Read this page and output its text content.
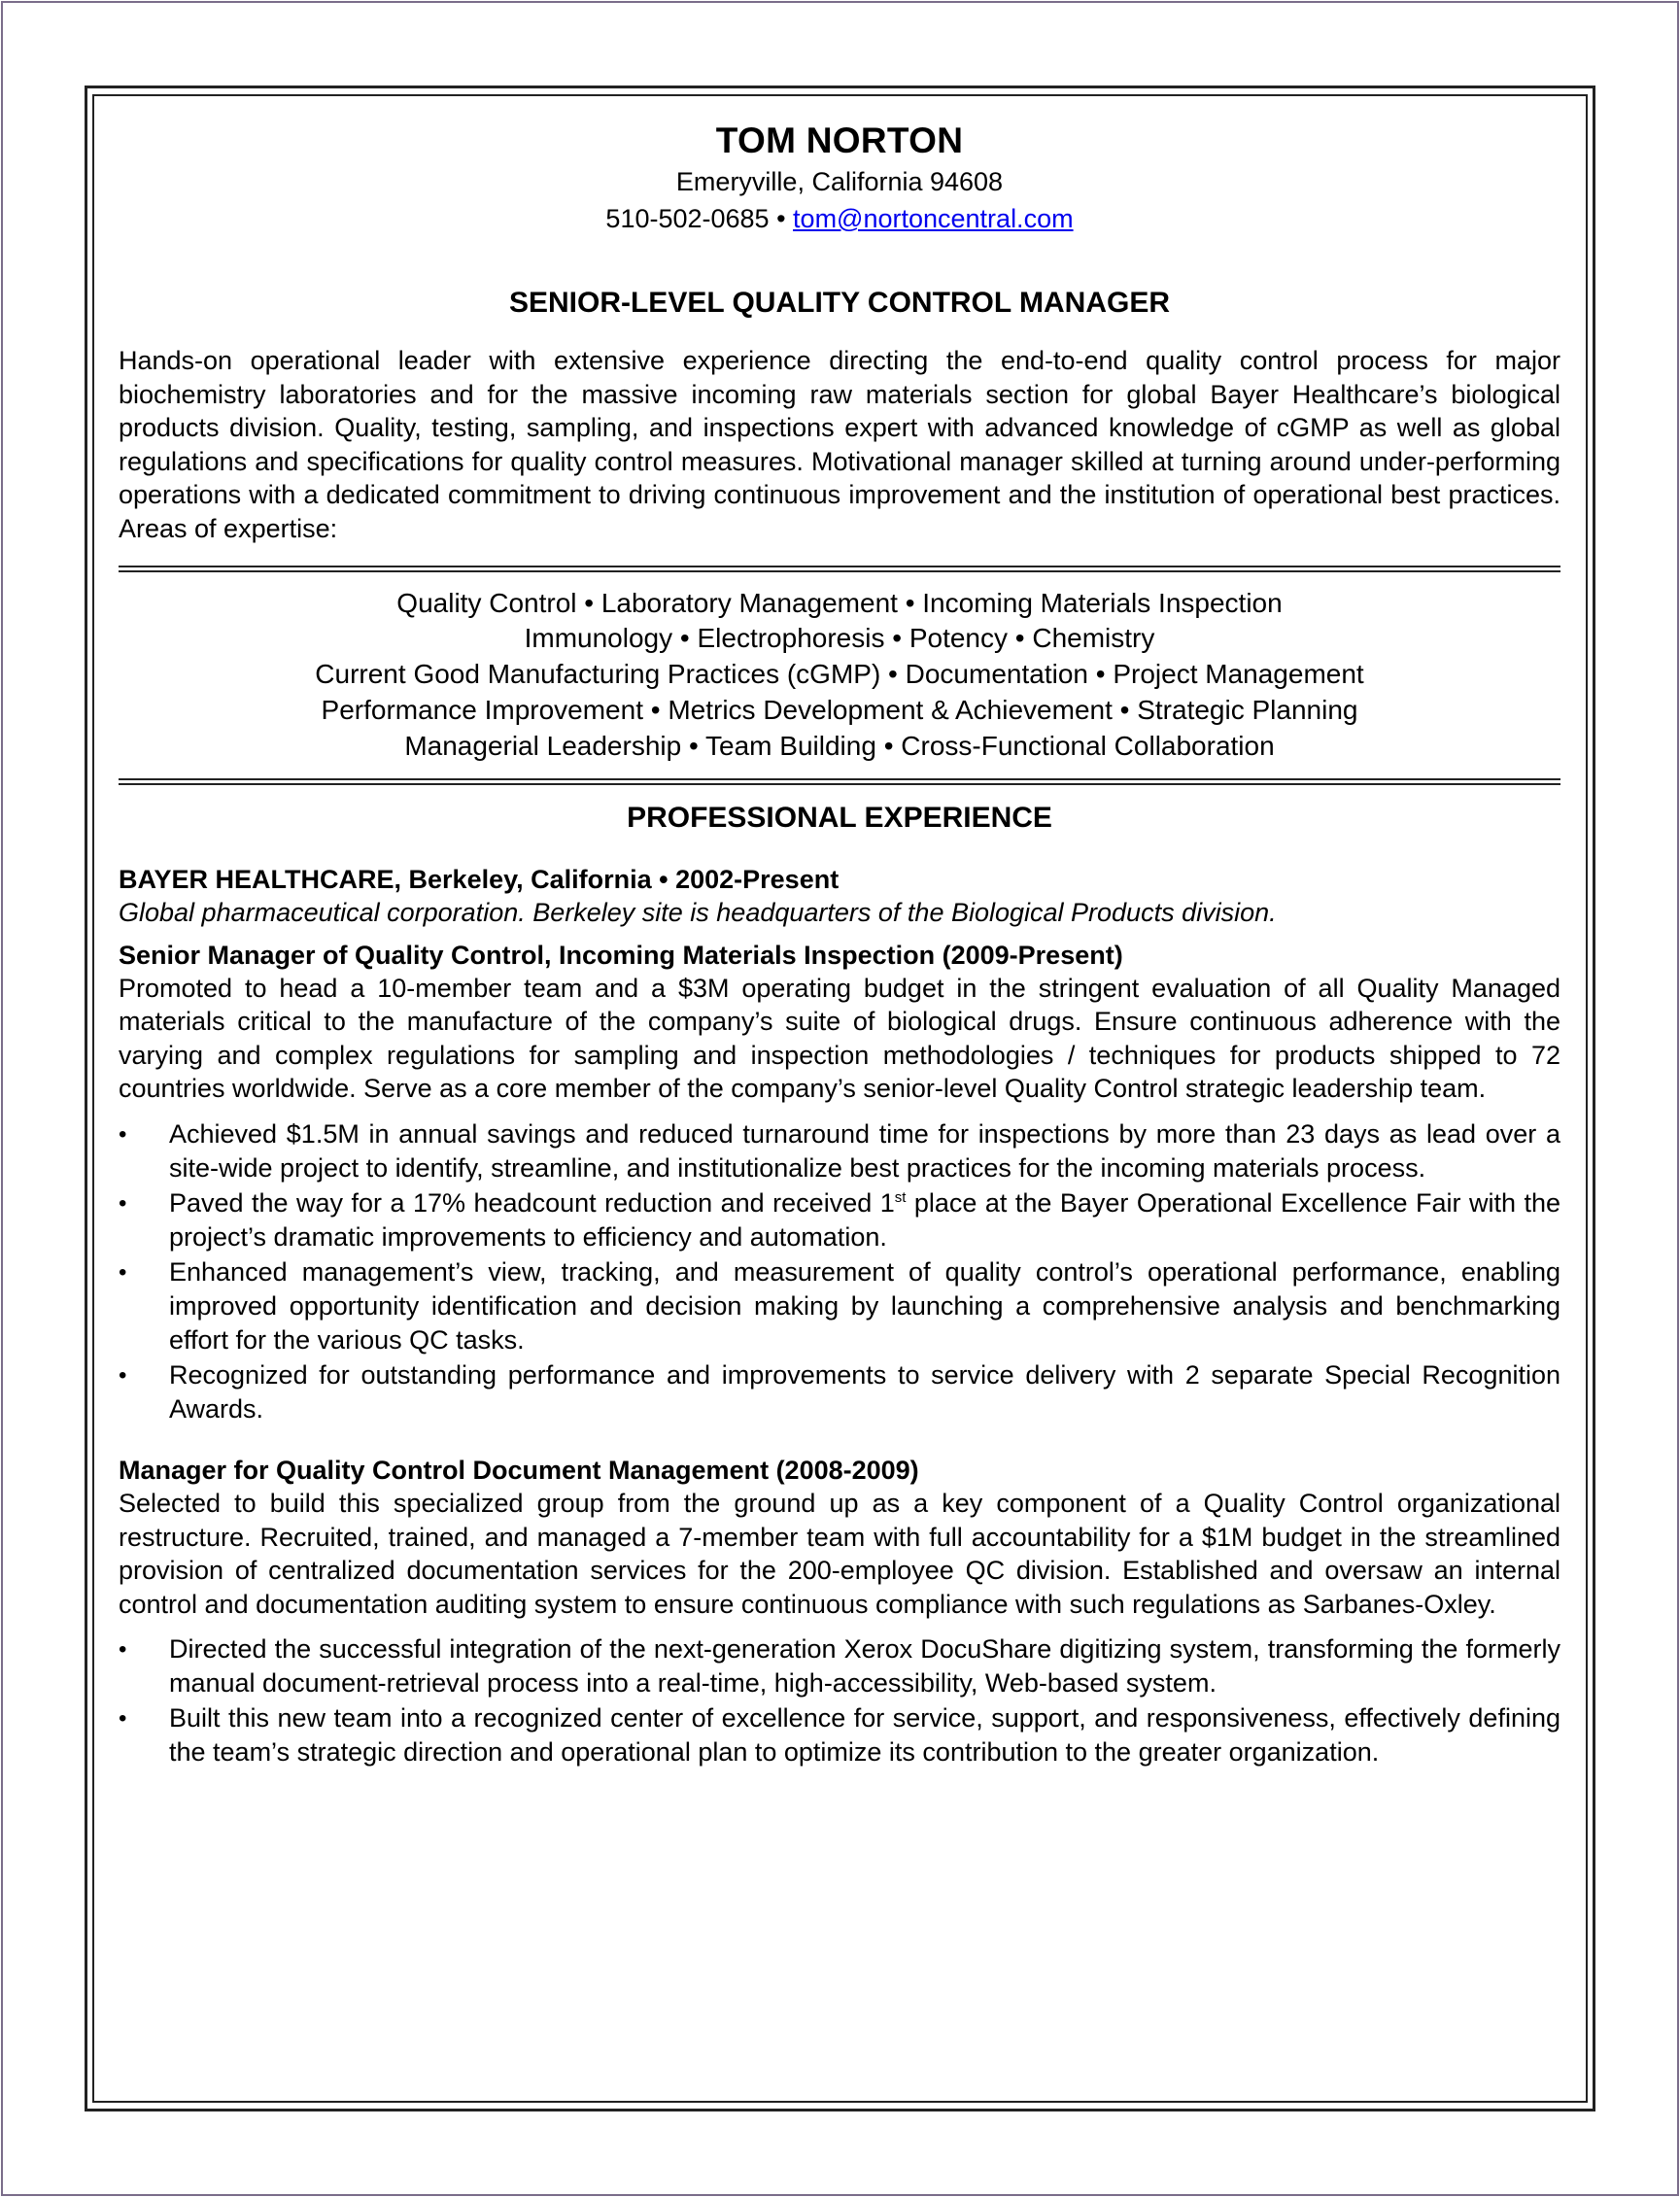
TOM NORTON
Emeryville, California 94608
510-502-0685 • tom@nortoncentral.com
SENIOR-LEVEL QUALITY CONTROL MANAGER

Hands-on operational leader with extensive experience directing the end-to-end quality control process for major biochemistry laboratories and for the massive incoming raw materials section for global Bayer Healthcare’s biological products division. Quality, testing, sampling, and inspections expert with advanced knowledge of cGMP as well as global regulations and specifications for quality control measures. Motivational manager skilled at turning around under-performing operations with a dedicated commitment to driving continuous improvement and the institution of operational best practices. Areas of expertise:

Quality Control • Laboratory Management • Incoming Materials Inspection
Immunology • Electrophoresis • Potency • Chemistry
Current Good Manufacturing Practices (cGMP) • Documentation • Project Management
Performance Improvement • Metrics Development & Achievement • Strategic Planning
Managerial Leadership • Team Building • Cross-Functional Collaboration
PROFESSIONAL EXPERIENCE
BAYER HEALTHCARE, Berkeley, California • 2002-Present
Global pharmaceutical corporation. Berkeley site is headquarters of the Biological Products division.
Senior Manager of Quality Control, Incoming Materials Inspection (2009-Present)

Promoted to head a 10-member team and a $3M operating budget in the stringent evaluation of all Quality Managed materials critical to the manufacture of the company’s suite of biological drugs. Ensure continuous adherence with the varying and complex regulations for sampling and inspection methodologies / techniques for products shipped to 72 countries worldwide. Serve as a core member of the company’s senior-level Quality Control strategic leadership team.

• Achieved $1.5M in annual savings and reduced turnaround time for inspections by more than 23 days as lead over a site-wide project to identify, streamline, and institutionalize best practices for the incoming materials process.
• Paved the way for a 17% headcount reduction and received 1st place at the Bayer Operational Excellence Fair with the project’s dramatic improvements to efficiency and automation.
• Enhanced management’s view, tracking, and measurement of quality control’s operational performance, enabling improved opportunity identification and decision making by launching a comprehensive analysis and benchmarking effort for the various QC tasks.
• Recognized for outstanding performance and improvements to service delivery with 2 separate Special Recognition Awards.
Manager for Quality Control Document Management (2008-2009)

Selected to build this specialized group from the ground up as a key component of a Quality Control organizational restructure. Recruited, trained, and managed a 7-member team with full accountability for a $1M budget in the streamlined provision of centralized documentation services for the 200-employee QC division. Established and oversaw an internal control and documentation auditing system to ensure continuous compliance with such regulations as Sarbanes-Oxley.

• Directed the successful integration of the next-generation Xerox DocuShare digitizing system, transforming the formerly manual document-retrieval process into a real-time, high-accessibility, Web-based system.
• Built this new team into a recognized center of excellence for service, support, and responsiveness, effectively defining the team’s strategic direction and operational plan to optimize its contribution to the greater organization.
